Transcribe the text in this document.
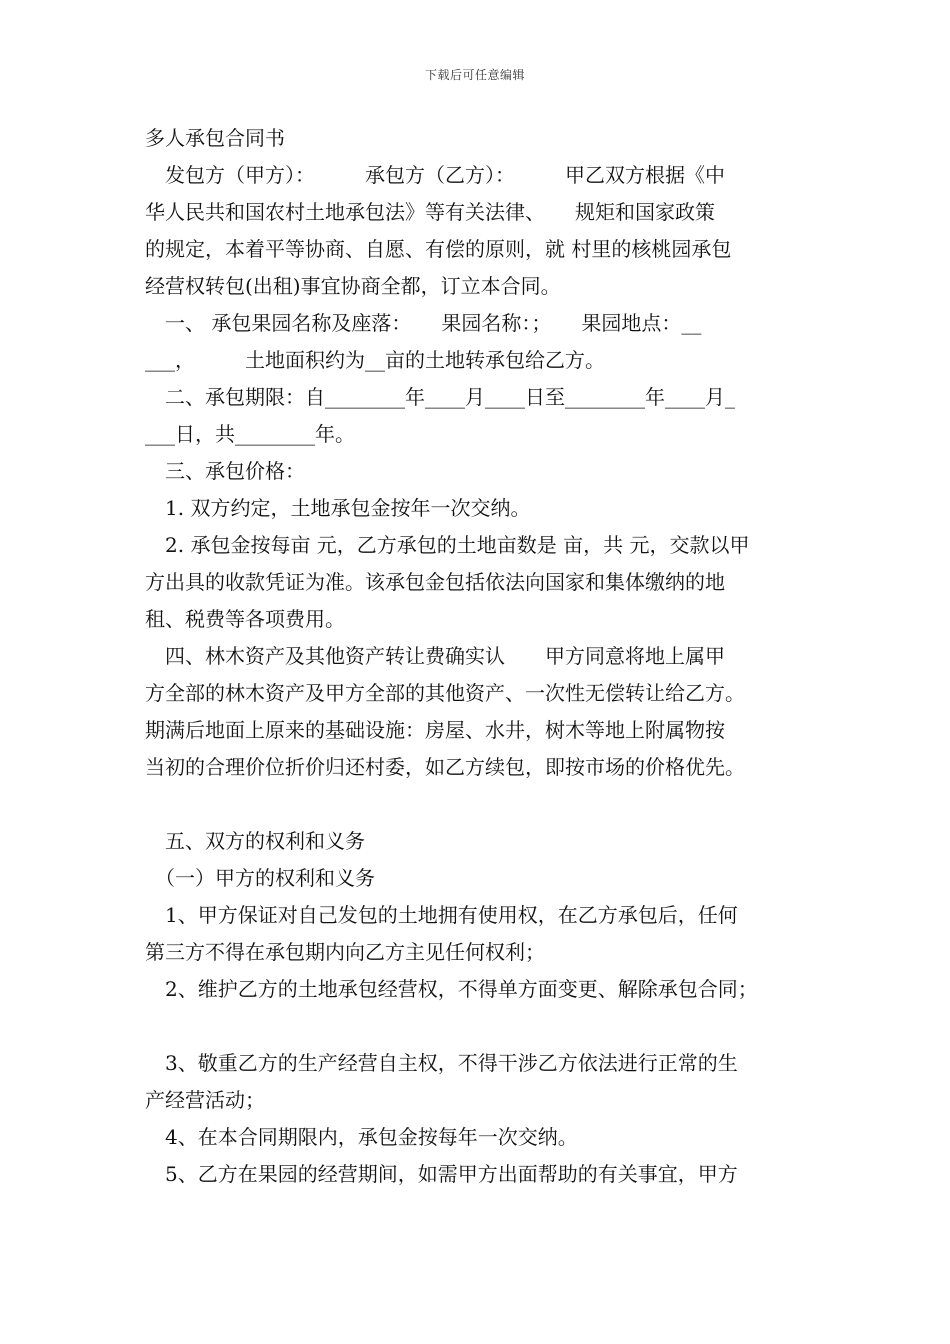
下载后可任意编辑
多人承包合同书
　发包方（甲方）：　　　承包方（乙方）：　　　甲乙双方根据《中
华人民共和国农村土地承包法》等有关法律、　　规矩和国家政策
的规定，本着平等协商、自愿、有偿的原则，就 村里的核桃园承包
经营权转包(出租)事宜协商全都，订立本合同。
　一、 承包果园名称及座落：　　果园名称：；　　果园地点：__
___，　　　土地面积约为__亩的土地转承包给乙方。
　二、承包期限：自________年____月____日至________年____月_
___日，共________年。
　三、承包价格：
　1. 双方约定，土地承包金按年一次交纳。
　2. 承包金按每亩 元，乙方承包的土地亩数是 亩，共 元，交款以甲
方出具的收款凭证为准。该承包金包括依法向国家和集体缴纳的地
租、税费等各项费用。
　四、林木资产及其他资产转让费确实认　　甲方同意将地上属甲
方全部的林木资产及甲方全部的其他资产、一次性无偿转让给乙方。
期满后地面上原来的基础设施：房屋、水井，树木等地上附属物按
当初的合理价位折价归还村委，如乙方续包，即按市场的价格优先。
　五、双方的权利和义务
　（一）甲方的权利和义务
　1、甲方保证对自己发包的土地拥有使用权，在乙方承包后，任何
第三方不得在承包期内向乙方主见任何权利；
　2、维护乙方的土地承包经营权，不得单方面变更、解除承包合同；
　3、敬重乙方的生产经营自主权，不得干涉乙方依法进行正常的生
产经营活动；
　4、在本合同期限内，承包金按每年一次交纳。
　5、乙方在果园的经营期间，如需甲方出面帮助的有关事宜，甲方
